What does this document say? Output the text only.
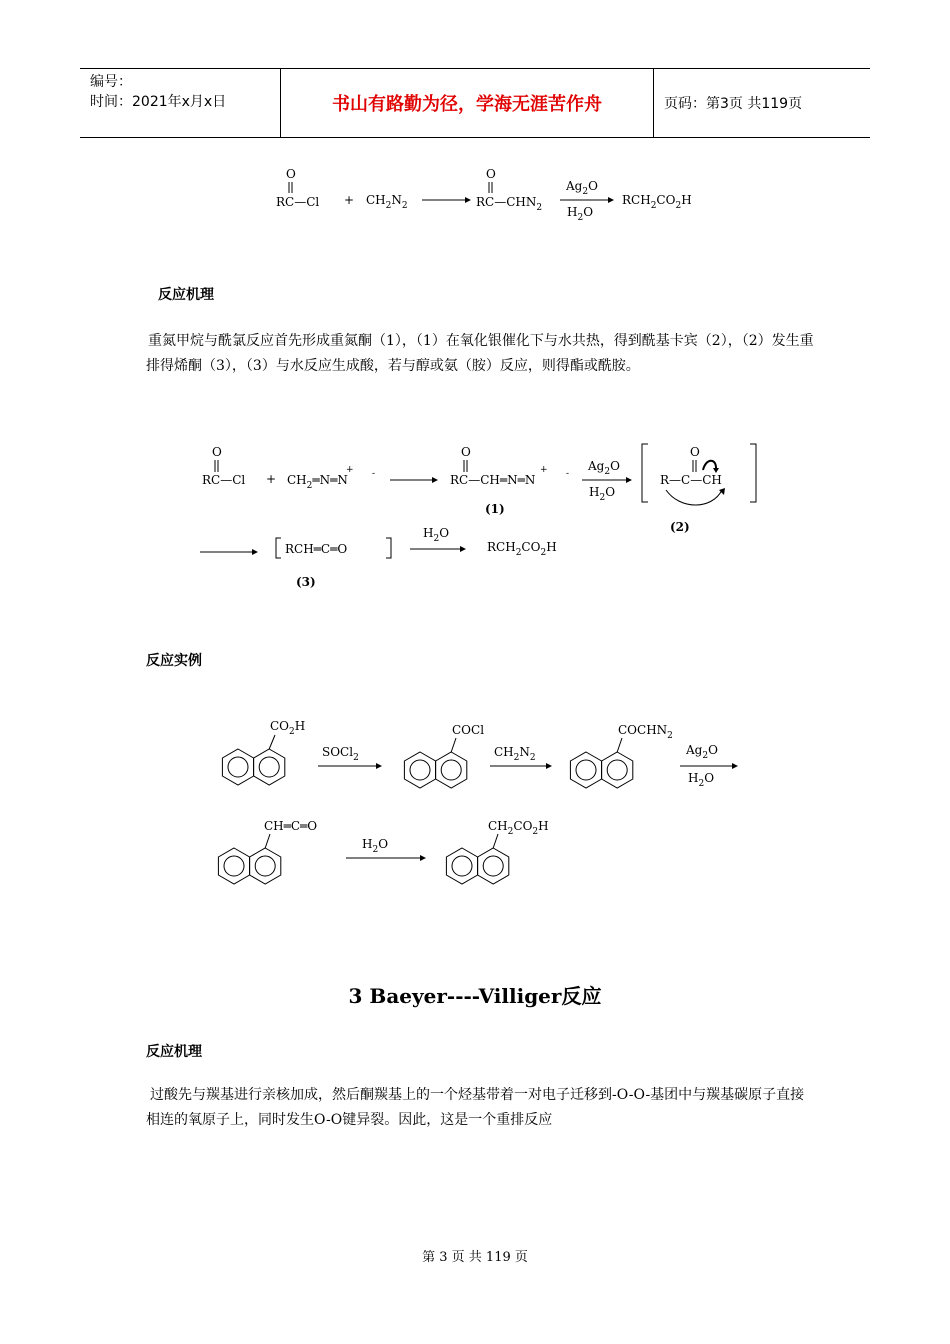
编号：
时间：2021年x月x日	书山有路勤为径，学海无涯苦作舟	页码：第3页 共119页
O
RC—Cl + $CH_2N_2$
O
$RC—CHN_2$
$Ag_2O$
$H_2O$
$RCH_2CO_2H$
反应机理
重氮甲烷与酰氯反应首先形成重氮酮（1），（1）在氧化银催化下与水共热，得到酰基卡宾（2），（2）发生重排得烯酮（3），（3）与水反应生成酸，若与醇或氨（胺）反应，则得酯或酰胺。
O
RC—Cl + $CH_2═N═N$
+ -
O
RC—CH═N═N
+ -
(1)
$Ag_2O$
$H_2O$
O
R—C—CH
(2)
RCH═C═O
(3)
$H_2O$
$RCH_2CO_2H$
反应实例
$CO_2H$
SOCl$_2$
COCl
$CH_2N_2$
$COCHN_2$
$Ag_2O$
$H_2O$
CH═C═O
$H_2O$
$CH_2CO_2H$
3 Baeyer----Villiger反应
反应机理
过酸先与羰基进行亲核加成，然后酮羰基上的一个烃基带着一对电子迁移到-O-O-基团中与羰基碳原子直接相连的氧原子上，同时发生O-O键异裂。因此，这是一个重排反应
第 3 页 共 119 页
